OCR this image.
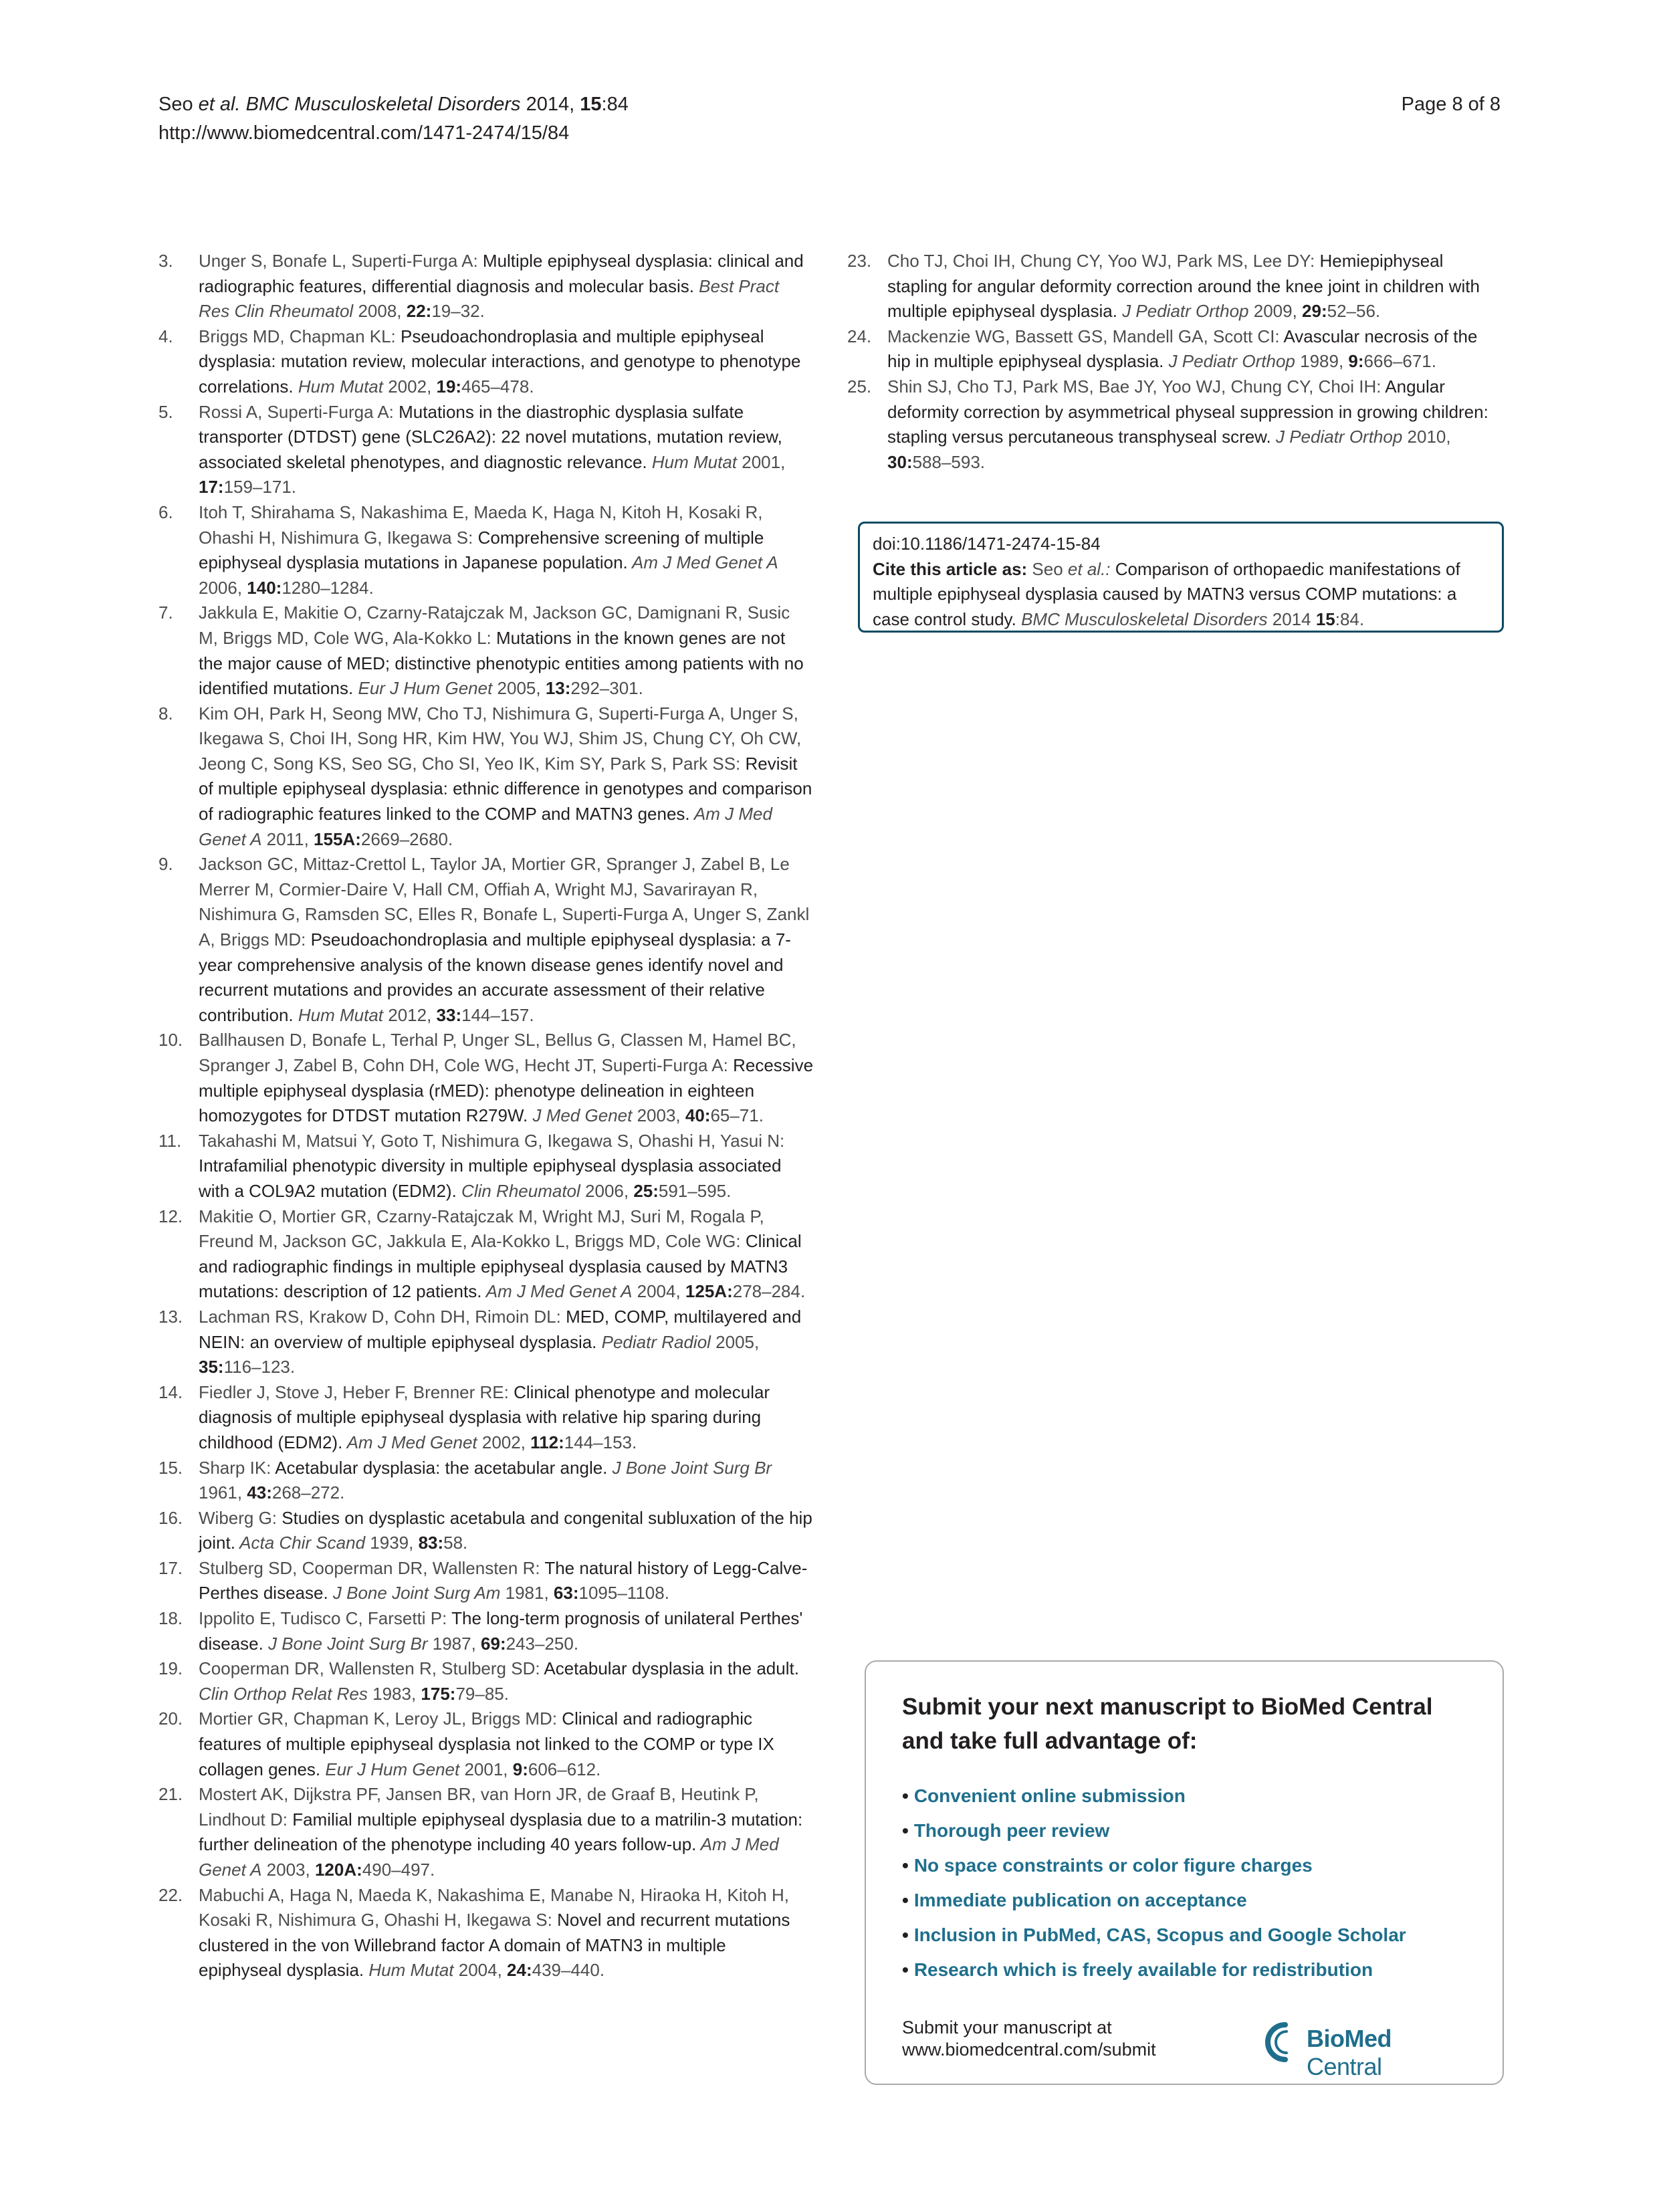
Seo et al. BMC Musculoskeletal Disorders 2014, 15:84
http://www.biomedcentral.com/1471-2474/15/84
Page 8 of 8
3.	Unger S, Bonafe L, Superti-Furga A: Multiple epiphyseal dysplasia: clinical and radiographic features, differential diagnosis and molecular basis. Best Pract Res Clin Rheumatol 2008, 22:19–32.
4.	Briggs MD, Chapman KL: Pseudoachondroplasia and multiple epiphyseal dysplasia: mutation review, molecular interactions, and genotype to phenotype correlations. Hum Mutat 2002, 19:465–478.
5.	Rossi A, Superti-Furga A: Mutations in the diastrophic dysplasia sulfate transporter (DTDST) gene (SLC26A2): 22 novel mutations, mutation review, associated skeletal phenotypes, and diagnostic relevance. Hum Mutat 2001, 17:159–171.
6.	Itoh T, Shirahama S, Nakashima E, Maeda K, Haga N, Kitoh H, Kosaki R, Ohashi H, Nishimura G, Ikegawa S: Comprehensive screening of multiple epiphyseal dysplasia mutations in Japanese population. Am J Med Genet A 2006, 140:1280–1284.
7.	Jakkula E, Makitie O, Czarny-Ratajczak M, Jackson GC, Damignani R, Susic M, Briggs MD, Cole WG, Ala-Kokko L: Mutations in the known genes are not the major cause of MED; distinctive phenotypic entities among patients with no identified mutations. Eur J Hum Genet 2005, 13:292–301.
8.	Kim OH, Park H, Seong MW, Cho TJ, Nishimura G, Superti-Furga A, Unger S, Ikegawa S, Choi IH, Song HR, Kim HW, You WJ, Shim JS, Chung CY, Oh CW, Jeong C, Song KS, Seo SG, Cho SI, Yeo IK, Kim SY, Park S, Park SS: Revisit of multiple epiphyseal dysplasia: ethnic difference in genotypes and comparison of radiographic features linked to the COMP and MATN3 genes. Am J Med Genet A 2011, 155A:2669–2680.
9.	Jackson GC, Mittaz-Crettol L, Taylor JA, Mortier GR, Spranger J, Zabel B, Le Merrer M, Cormier-Daire V, Hall CM, Offiah A, Wright MJ, Savarirayan R, Nishimura G, Ramsden SC, Elles R, Bonafe L, Superti-Furga A, Unger S, Zankl A, Briggs MD: Pseudoachondroplasia and multiple epiphyseal dysplasia: a 7-year comprehensive analysis of the known disease genes identify novel and recurrent mutations and provides an accurate assessment of their relative contribution. Hum Mutat 2012, 33:144–157.
10. Ballhausen D, Bonafe L, Terhal P, Unger SL, Bellus G, Classen M, Hamel BC, Spranger J, Zabel B, Cohn DH, Cole WG, Hecht JT, Superti-Furga A: Recessive multiple epiphyseal dysplasia (rMED): phenotype delineation in eighteen homozygotes for DTDST mutation R279W. J Med Genet 2003, 40:65–71.
11. Takahashi M, Matsui Y, Goto T, Nishimura G, Ikegawa S, Ohashi H, Yasui N: Intrafamilial phenotypic diversity in multiple epiphyseal dysplasia associated with a COL9A2 mutation (EDM2). Clin Rheumatol 2006, 25:591–595.
12. Makitie O, Mortier GR, Czarny-Ratajczak M, Wright MJ, Suri M, Rogala P, Freund M, Jackson GC, Jakkula E, Ala-Kokko L, Briggs MD, Cole WG: Clinical and radiographic findings in multiple epiphyseal dysplasia caused by MATN3 mutations: description of 12 patients. Am J Med Genet A 2004, 125A:278–284.
13. Lachman RS, Krakow D, Cohn DH, Rimoin DL: MED, COMP, multilayered and NEIN: an overview of multiple epiphyseal dysplasia. Pediatr Radiol 2005, 35:116–123.
14. Fiedler J, Stove J, Heber F, Brenner RE: Clinical phenotype and molecular diagnosis of multiple epiphyseal dysplasia with relative hip sparing during childhood (EDM2). Am J Med Genet 2002, 112:144–153.
15. Sharp IK: Acetabular dysplasia: the acetabular angle. J Bone Joint Surg Br 1961, 43:268–272.
16. Wiberg G: Studies on dysplastic acetabula and congenital subluxation of the hip joint. Acta Chir Scand 1939, 83:58.
17. Stulberg SD, Cooperman DR, Wallensten R: The natural history of Legg-Calve-Perthes disease. J Bone Joint Surg Am 1981, 63:1095–1108.
18. Ippolito E, Tudisco C, Farsetti P: The long-term prognosis of unilateral Perthes' disease. J Bone Joint Surg Br 1987, 69:243–250.
19. Cooperman DR, Wallensten R, Stulberg SD: Acetabular dysplasia in the adult. Clin Orthop Relat Res 1983, 175:79–85.
20. Mortier GR, Chapman K, Leroy JL, Briggs MD: Clinical and radiographic features of multiple epiphyseal dysplasia not linked to the COMP or type IX collagen genes. Eur J Hum Genet 2001, 9:606–612.
21. Mostert AK, Dijkstra PF, Jansen BR, van Horn JR, de Graaf B, Heutink P, Lindhout D: Familial multiple epiphyseal dysplasia due to a matrilin-3 mutation: further delineation of the phenotype including 40 years follow-up. Am J Med Genet A 2003, 120A:490–497.
22. Mabuchi A, Haga N, Maeda K, Nakashima E, Manabe N, Hiraoka H, Kitoh H, Kosaki R, Nishimura G, Ohashi H, Ikegawa S: Novel and recurrent mutations clustered in the von Willebrand factor A domain of MATN3 in multiple epiphyseal dysplasia. Hum Mutat 2004, 24:439–440.
23. Cho TJ, Choi IH, Chung CY, Yoo WJ, Park MS, Lee DY: Hemiepiphyseal stapling for angular deformity correction around the knee joint in children with multiple epiphyseal dysplasia. J Pediatr Orthop 2009, 29:52–56.
24. Mackenzie WG, Bassett GS, Mandell GA, Scott CI: Avascular necrosis of the hip in multiple epiphyseal dysplasia. J Pediatr Orthop 1989, 9:666–671.
25. Shin SJ, Cho TJ, Park MS, Bae JY, Yoo WJ, Chung CY, Choi IH: Angular deformity correction by asymmetrical physeal suppression in growing children: stapling versus percutaneous transphyseal screw. J Pediatr Orthop 2010, 30:588–593.
doi:10.1186/1471-2474-15-84
Cite this article as: Seo et al.: Comparison of orthopaedic manifestations of multiple epiphyseal dysplasia caused by MATN3 versus COMP mutations: a case control study. BMC Musculoskeletal Disorders 2014 15:84.
Submit your next manuscript to BioMed Central and take full advantage of:
• Convenient online submission
• Thorough peer review
• No space constraints or color figure charges
• Immediate publication on acceptance
• Inclusion in PubMed, CAS, Scopus and Google Scholar
• Research which is freely available for redistribution
Submit your manuscript at
www.biomedcentral.com/submit	BioMed Central
